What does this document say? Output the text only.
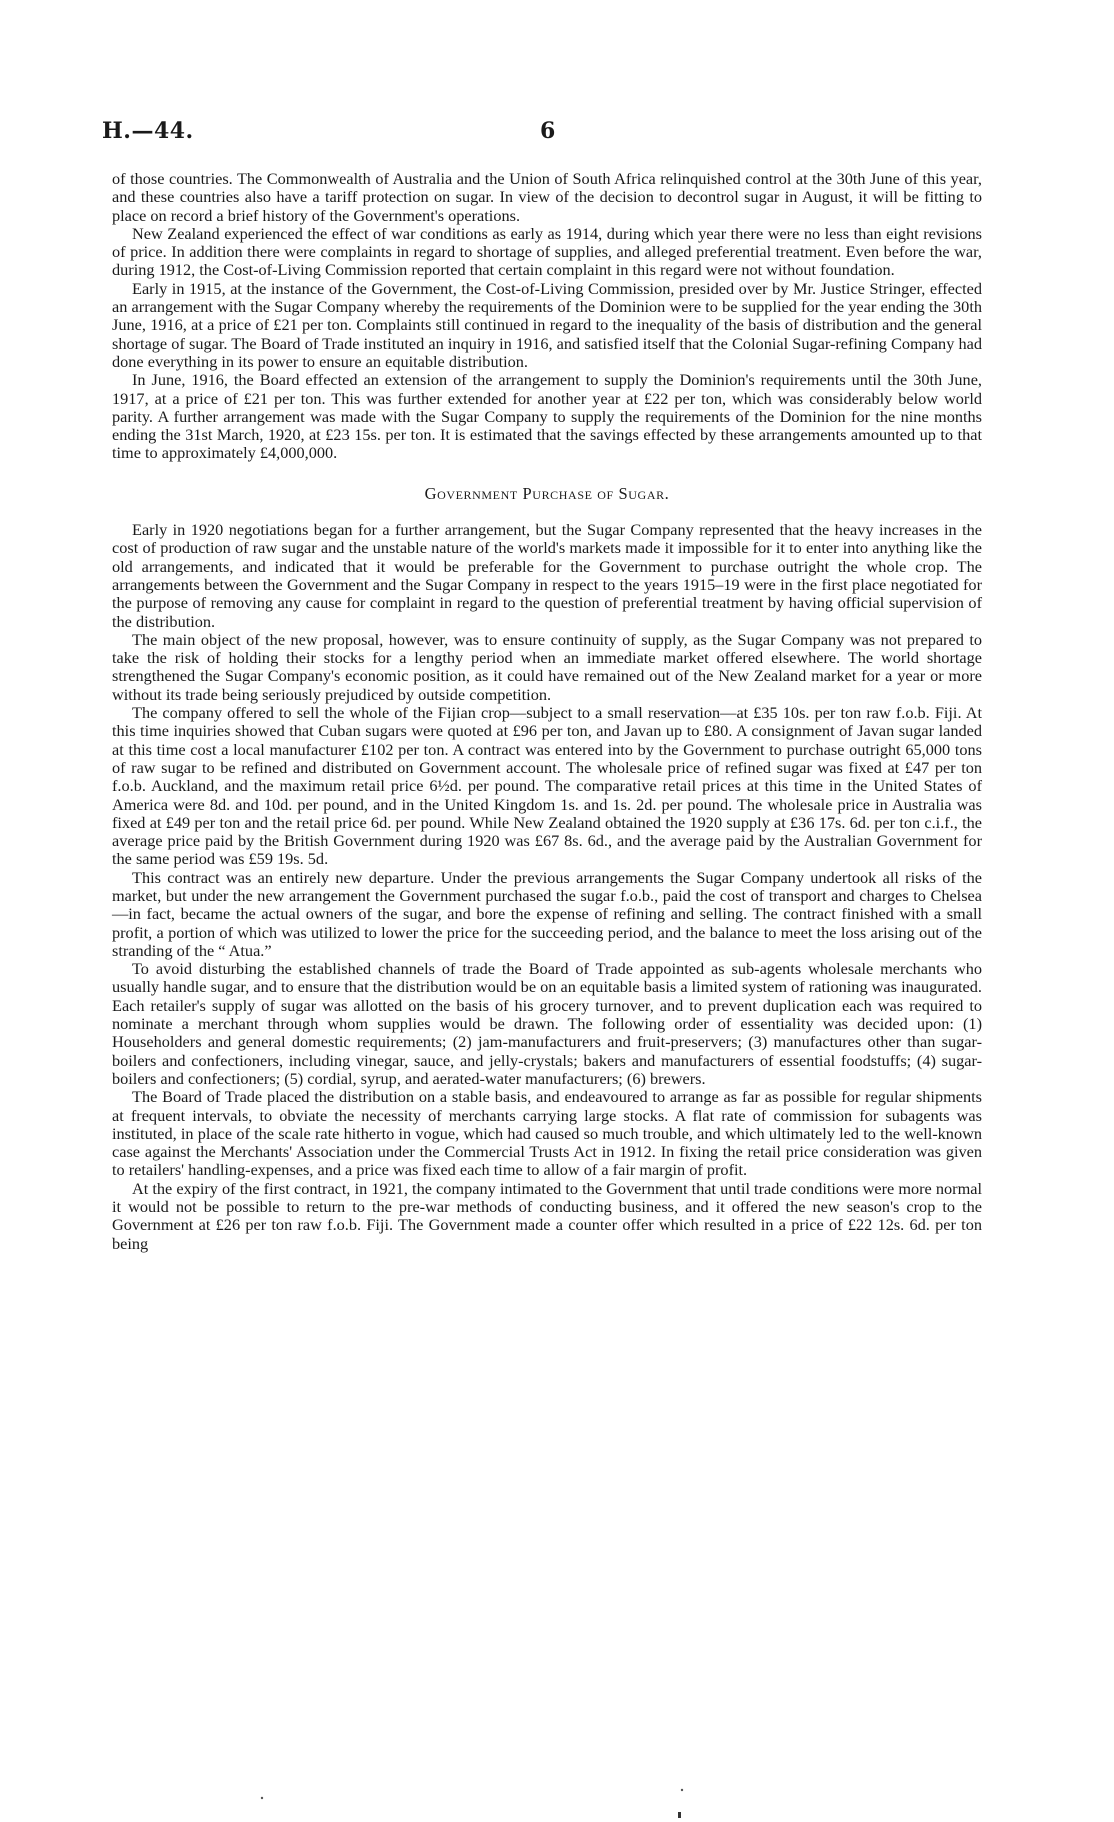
H.—44.	6

of those countries. The Commonwealth of Australia and the Union of South Africa relinquished control at the 30th June of this year, and these countries also have a tariff protection on sugar. In view of the decision to decontrol sugar in August, it will be fitting to place on record a brief history of the Government's operations.

New Zealand experienced the effect of war conditions as early as 1914, during which year there were no less than eight revisions of price. In addition there were complaints in regard to shortage of supplies, and alleged preferential treatment. Even before the war, during 1912, the Cost-of-Living Commission reported that certain complaint in this regard were not without foundation.

Early in 1915, at the instance of the Government, the Cost-of-Living Commission, presided over by Mr. Justice Stringer, effected an arrangement with the Sugar Company whereby the requirements of the Dominion were to be supplied for the year ending the 30th June, 1916, at a price of £21 per ton. Complaints still continued in regard to the inequality of the basis of distribution and the general shortage of sugar. The Board of Trade instituted an inquiry in 1916, and satisfied itself that the Colonial Sugar-refining Company had done everything in its power to ensure an equitable distribution.

In June, 1916, the Board effected an extension of the arrangement to supply the Dominion's requirements until the 30th June, 1917, at a price of £21 per ton. This was further extended for another year at £22 per ton, which was considerably below world parity. A further arrangement was made with the Sugar Company to supply the requirements of the Dominion for the nine months ending the 31st March, 1920, at £23 15s. per ton. It is estimated that the savings effected by these arrangements amounted up to that time to approximately £4,000,000.

Government Purchase of Sugar.

Early in 1920 negotiations began for a further arrangement, but the Sugar Company represented that the heavy increases in the cost of production of raw sugar and the unstable nature of the world's markets made it impossible for it to enter into anything like the old arrangements, and indicated that it would be preferable for the Government to purchase outright the whole crop. The arrangements between the Government and the Sugar Company in respect to the years 1915–19 were in the first place negotiated for the purpose of removing any cause for complaint in regard to the question of preferential treatment by having official supervision of the distribution.

The main object of the new proposal, however, was to ensure continuity of supply, as the Sugar Company was not prepared to take the risk of holding their stocks for a lengthy period when an immediate market offered elsewhere. The world shortage strengthened the Sugar Company's economic position, as it could have remained out of the New Zealand market for a year or more without its trade being seriously prejudiced by outside competition.

The company offered to sell the whole of the Fijian crop—subject to a small reservation—at £35 10s. per ton raw f.o.b. Fiji. At this time inquiries showed that Cuban sugars were quoted at £96 per ton, and Javan up to £80. A consignment of Javan sugar landed at this time cost a local manufacturer £102 per ton. A contract was entered into by the Government to purchase outright 65,000 tons of raw sugar to be refined and distributed on Government account. The wholesale price of refined sugar was fixed at £47 per ton f.o.b. Auckland, and the maximum retail price 6½d. per pound. The comparative retail prices at this time in the United States of America were 8d. and 10d. per pound, and in the United Kingdom 1s. and 1s. 2d. per pound. The wholesale price in Australia was fixed at £49 per ton and the retail price 6d. per pound. While New Zealand obtained the 1920 supply at £36 17s. 6d. per ton c.i.f., the average price paid by the British Government during 1920 was £67 8s. 6d., and the average paid by the Australian Government for the same period was £59 19s. 5d.

This contract was an entirely new departure. Under the previous arrangements the Sugar Company undertook all risks of the market, but under the new arrangement the Government purchased the sugar f.o.b., paid the cost of transport and charges to Chelsea—in fact, became the actual owners of the sugar, and bore the expense of refining and selling. The contract finished with a small profit, a portion of which was utilized to lower the price for the succeeding period, and the balance to meet the loss arising out of the stranding of the “ Atua.”

To avoid disturbing the established channels of trade the Board of Trade appointed as sub-agents wholesale merchants who usually handle sugar, and to ensure that the distribution would be on an equitable basis a limited system of rationing was inaugurated. Each retailer's supply of sugar was allotted on the basis of his grocery turnover, and to prevent duplication each was required to nominate a merchant through whom supplies would be drawn. The following order of essentiality was decided upon: (1) Householders and general domestic requirements; (2) jam-manufacturers and fruit-preservers; (3) manufactures other than sugar-boilers and confectioners, including vinegar, sauce, and jelly-crystals; bakers and manufacturers of essential foodstuffs; (4) sugar-boilers and confectioners; (5) cordial, syrup, and aerated-water manufacturers; (6) brewers.

The Board of Trade placed the distribution on a stable basis, and endeavoured to arrange as far as possible for regular shipments at frequent intervals, to obviate the necessity of merchants carrying large stocks. A flat rate of commission for subagents was instituted, in place of the scale rate hitherto in vogue, which had caused so much trouble, and which ultimately led to the well-known case against the Merchants' Association under the Commercial Trusts Act in 1912. In fixing the retail price consideration was given to retailers' handling-expenses, and a price was fixed each time to allow of a fair margin of profit.

At the expiry of the first contract, in 1921, the company intimated to the Government that until trade conditions were more normal it would not be possible to return to the pre-war methods of conducting business, and it offered the new season's crop to the Government at £26 per ton raw f.o.b. Fiji. The Government made a counter offer which resulted in a price of £22 12s. 6d. per ton being
